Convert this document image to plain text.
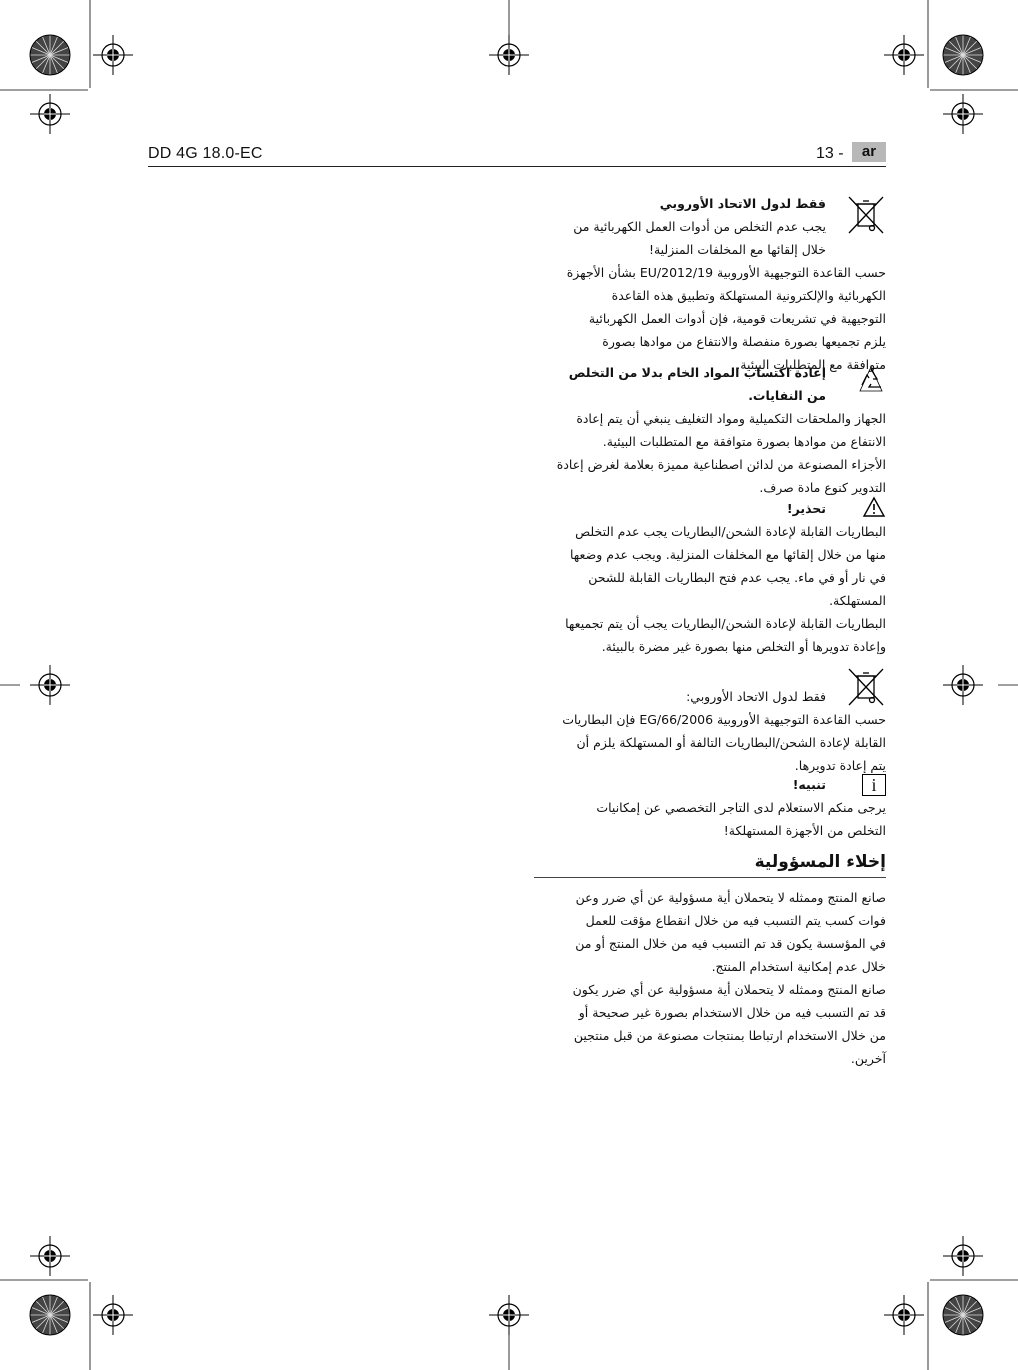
DD 4G 18.0-EC	13 -	ar

فقط لدول الاتحاد الأوروبي

يجب عدم التخلص من أدوات العمل الكهربائية من

خلال إلقائها مع المخلفات المنزلية!

حسب القاعدة التوجيهية الأوروبية 2012/19/EU بشأن الأجهزة

الكهربائية والإلكترونية المستهلكة وتطبيق هذه القاعدة

التوجيهية في تشريعات قومية، فإن أدوات العمل الكهربائية

يلزم تجميعها بصورة منفصلة والانتفاع من موادها بصورة

متوافقة مع المتطلبات البيئية.

إعادة اكتساب المواد الخام بدلا من التخلص

من النفايات.

الجهاز والملحقات التكميلية ومواد التغليف ينبغي أن يتم إعادة

الانتفاع من موادها بصورة متوافقة مع المتطلبات البيئية.

الأجزاء المصنوعة من لدائن اصطناعية مميزة بعلامة لغرض إعادة

التدوير كنوع مادة صرف.

تحذير!

البطاريات القابلة لإعادة الشحن/البطاريات يجب عدم التخلص

منها من خلال إلقائها مع المخلفات المنزلية. ويجب عدم وضعها

في نار أو في ماء. يجب عدم فتح البطاريات القابلة للشحن

المستهلكة.

البطاريات القابلة لإعادة الشحن/البطاريات يجب أن يتم تجميعها

وإعادة تدويرها أو التخلص منها بصورة غير مضرة بالبيئة.

فقط لدول الاتحاد الأوروبي:

حسب القاعدة التوجيهية الأوروبية EG/66/2006 فإن البطاريات

القابلة لإعادة الشحن/البطاريات التالفة أو المستهلكة يلزم أن

يتم إعادة تدويرها.

i

تنبيه!

يرجى منكم الاستعلام لدى التاجر التخصصي عن إمكانيات

التخلص من الأجهزة المستهلكة!

إخلاء المسؤولية

صانع المنتج وممثله لا يتحملان أية مسؤولية عن أي ضرر وعن

فوات كسب يتم التسبب فيه من خلال انقطاع مؤقت للعمل

في المؤسسة يكون قد تم التسبب فيه من خلال المنتج أو من

خلال عدم إمكانية استخدام المنتج.

صانع المنتج وممثله لا يتحملان أية مسؤولية عن أي ضرر يكون

قد تم التسبب فيه من خلال الاستخدام بصورة غير صحيحة أو

من خلال الاستخدام ارتباطا بمنتجات مصنوعة من قبل منتجين

آخرين.
